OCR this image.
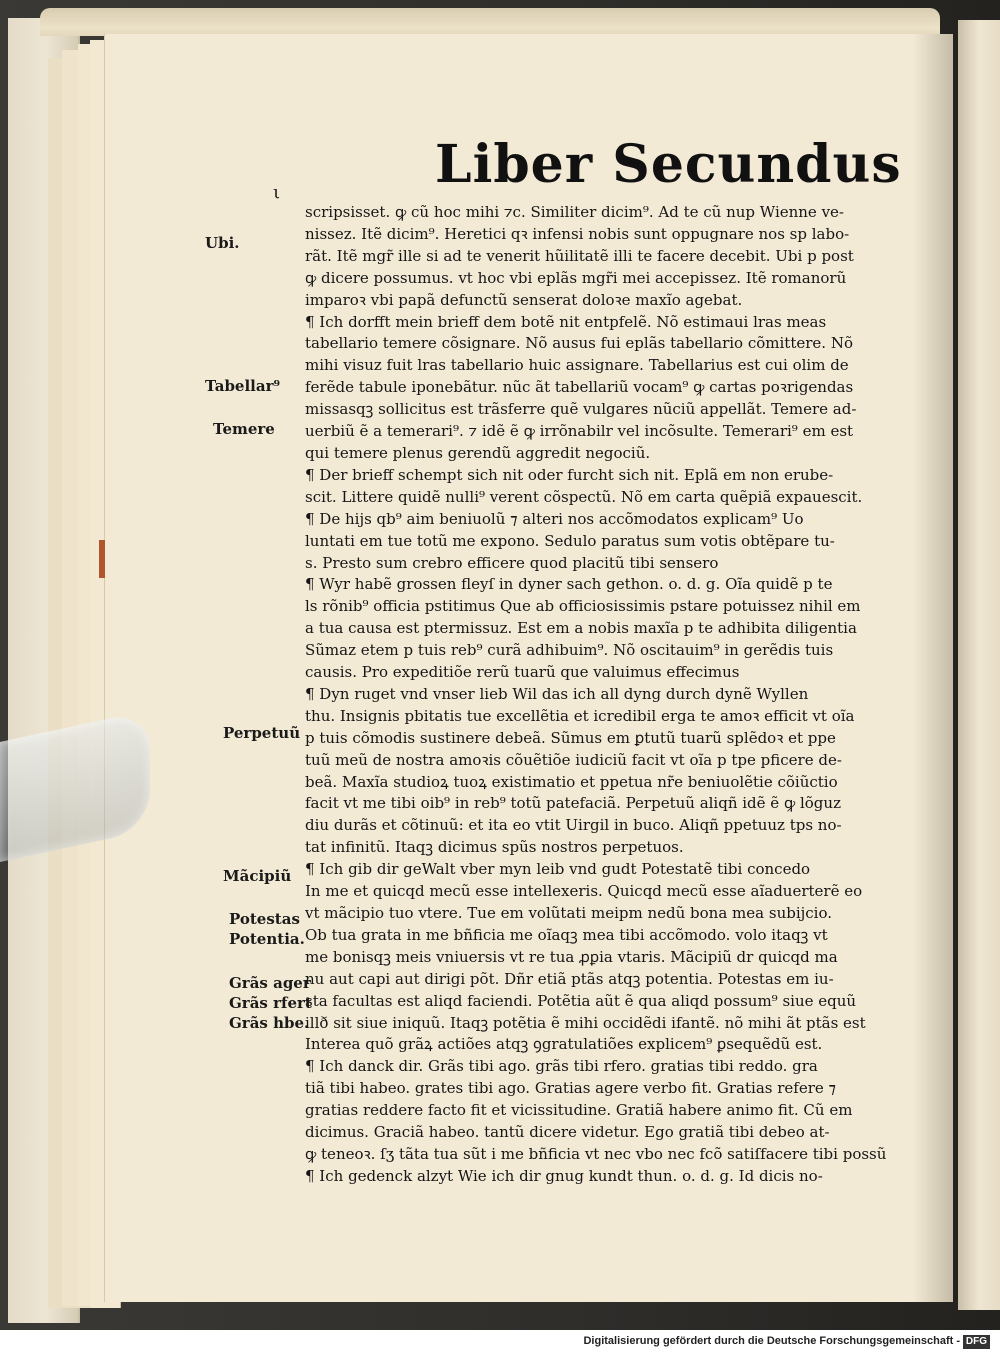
Liber Secundus

ι

scripsisset. ꝙ cũ hoc mihi ⁊c. Similiter dicim⁹. Ad te cũ nup Wienne ve-
nissez. Itẽ dicim⁹. Heretici qꝛ infensi nobis sunt oppugnare nos sp labo-
rãt. Itẽ mgr̃ ille si ad te venerit hũilitatẽ illi te facere decebit. Ubi p post
ꝙ dicere possumus. vt hoc vbi eplãs mgr̃i mei accepissez. Itẽ romanorũ
imparoꝛ vbi papã defunctũ senserat doloꝛe maxĩo agebat.
¶ Ich dorfft mein brieff dem botẽ nit entpfelẽ. Nõ estimaui lras meas
tabellario temere cõsignare. Nõ ausus fui eplãs tabellario cõmittere. Nõ
mihi visuz fuit lras tabellario huic assignare. Tabellarius est cui olim de
ferẽde tabule iponebãtur. nũc ãt tabellariũ vocam⁹ ꝙ cartas poꝛrigendas
missasqꝫ sollicitus est trãsferre quẽ vulgares nũciũ appellãt. Temere ad-
uerbiũ ẽ a temerari⁹. ⁊ idẽ ẽ ꝙ irrõnabilr vel incõsulte. Temerari⁹ em est
qui temere plenus gerendũ aggredit negociũ.
¶ Der brieff schempt sich nit oder furcht sich nit. Eplã em non erube-
scit. Littere quidẽ nulli⁹ verent cõspectũ. Nõ em carta quẽpiã expauescit.
¶ De hijs qb⁹ aim beniuolũ ⁊ alteri nos accõmodatos explicam⁹ Uo
luntati em tue totũ me expono. Sedulo paratus sum votis obtẽpare tu-
s. Presto sum crebro efficere quod placitũ tibi sensero
¶ Wyr habẽ grossen fleyſ in dyner sach gethon. o. d. g. Oĩa quidẽ p te
ls rõnib⁹ officia pstitimus Que ab officiosissimis pstare potuissez nihil em
a tua causa est ptermissuz. Est em a nobis maxĩa p te adhibita diligentia
Sũmaz etem p tuis reb⁹ curã adhibuim⁹. Nõ oscitauim⁹ in gerẽdis tuis
causis. Pro expeditiõe rerũ tuarũ que valuimus effecimus
¶ Dyn ruget vnd vnser lieb Wil das ich all dyng durch dynẽ Wyllen
thu. Insignis pbitatis tue excellẽtia et icredibil erga te amoꝛ efficit vt oĩa
p tuis cõmodis sustinere debeã. Sũmus em ꝑtutũ tuarũ splẽdoꝛ et ppe
tuũ meũ de nostra amoꝛis cõuẽtiõe iudiciũ facit vt oĩa p tpe pficere de-
beã. Maxĩa studioꝝ tuoꝝ existimatio et ppetua nr̃e beniuolẽtie cõiũctio
facit vt me tibi oib⁹ in reb⁹ totũ patefaciã. Perpetuũ aliqñ idẽ ẽ ꝙ lõguz
diu durãs et cõtinuũ: et ita eo vtit Uirgil in buco. Aliqñ ppetuuz tps no-
tat infinitũ. Itaqꝫ dicimus spũs nostros perpetuos.
¶ Ich gib dir geWalt vber myn leib vnd gudt Potestatẽ tibi concedo
In me et quicqd mecũ esse intellexeris. Quicqd mecũ esse aĩaduerterẽ eo
vt mãcipio tuo vtere. Tue em volũtati meipm nedũ bona mea subijcio.
Ob tua grata in me bñficia me oĩaqꝫ mea tibi accõmodo. volo itaqꝫ vt
me bonisqꝫ meis vniuersis vt re tua ꝓꝑia vtaris. Mãcipiũ dr quicqd ma
nu aut capi aut dirigi põt. Dñr etiã ptãs atqꝫ potentia. Potestas em iu-
sta facultas est aliqd faciendi. Potẽtia aũt ẽ qua aliqd possum⁹ siue equũ
illð sit siue iniquũ. Itaqꝫ potẽtia ẽ mihi occidẽdi ifantẽ. nõ mihi ãt ptãs est
Interea quõ grãꝝ actiões atqꝫ ꝯgratulatiões explicem⁹ ꝑsequẽdũ est.
¶ Ich danck dir. Grãs tibi ago. grãs tibi rfero. gratias tibi reddo. gra
tiã tibi habeo. grates tibi ago. Gratias agere verbo fit. Gratias refere ⁊
gratias reddere facto fit et vicissitudine. Gratiã habere animo fit. Cũ em
dicimus. Graciã habeo. tantũ dicere videtur. Ego gratiã tibi debeo at-
ꝙ teneoꝛ. ſʒ tãta tua sũt i me bñficia vt nec vbo nec fcõ satiſfacere tibi possũ
¶ Ich gedenck alzyt Wie ich dir gnug kundt thun. o. d. g. Id dicis no-

Ubi.

Tabellar⁹

Temere

Perpetuũ

Mãcipiũ

Potestas

Potentia.

Grãs ager

Grãs rfert

Grãs hbe.

Digitalisierung gefördert durch die Deutsche Forschungsgemeinschaft - DFG
